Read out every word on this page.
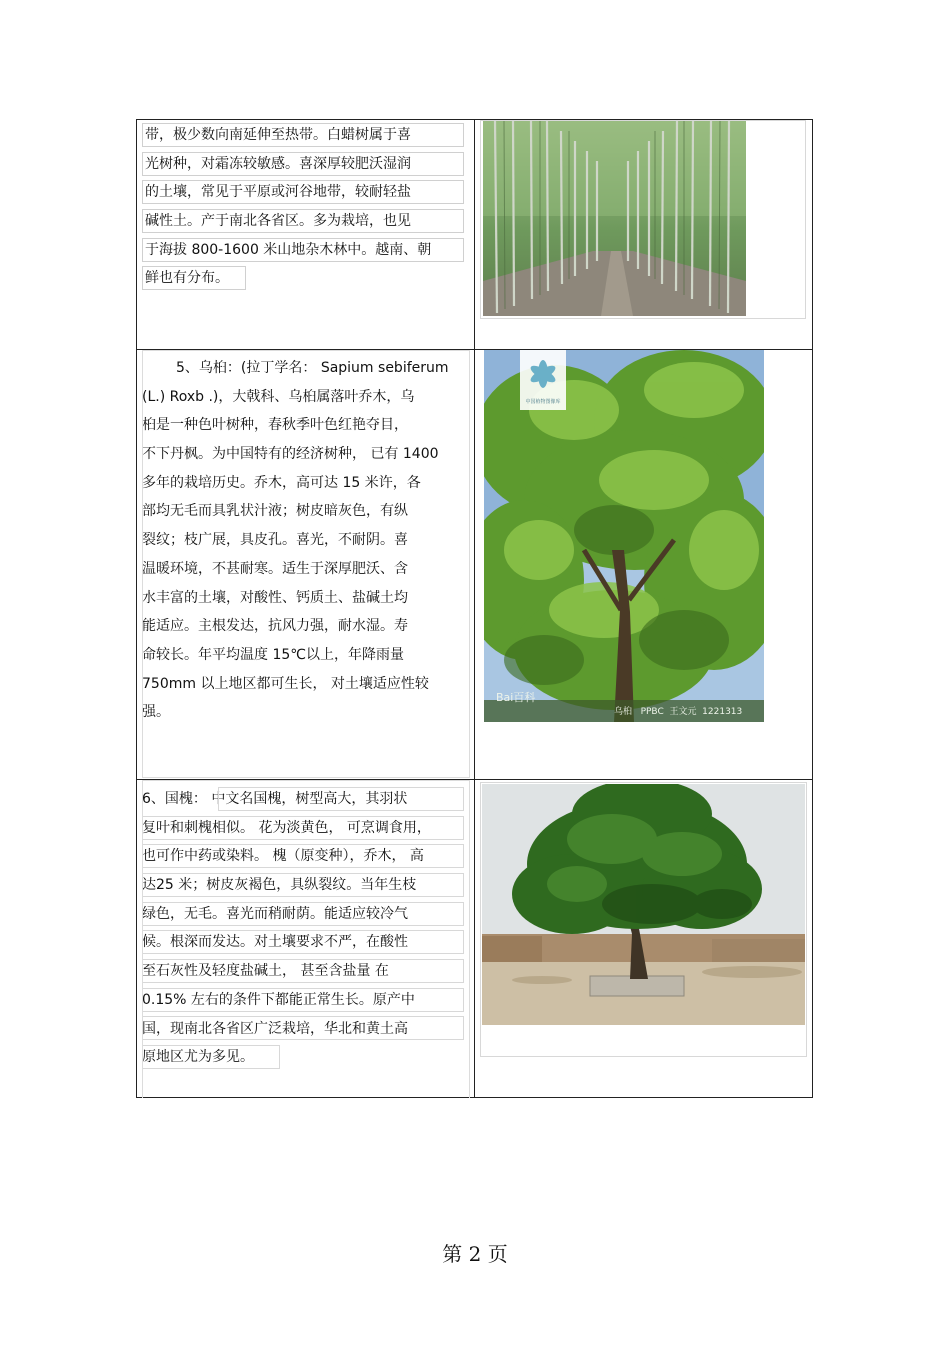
带，极少数向南延伸至热带。白蜡树属于喜
光树种，对霜冻较敏感。喜深厚较肥沃湿润
的土壤，常见于平原或河谷地带，较耐轻盐
碱性土。产于南北各省区。多为栽培，也见
于海拔 800-1600 米山地杂木林中。越南、朝
鲜也有分布。
5、乌桕：(拉丁学名： Sapium sebiferum
(L.) Roxb .)，大戟科、乌桕属落叶乔木，乌
桕是一种色叶树种，春秋季叶色红艳夺目，
不下丹枫。为中国特有的经济树种， 已有 1400
多年的栽培历史。乔木，高可达 15 米许，各
部均无毛而具乳状汁液；树皮暗灰色，有纵
裂纹；枝广展，具皮孔。喜光，不耐阴。喜
温暖环境，不甚耐寒。适生于深厚肥沃、含
水丰富的土壤，对酸性、钙质土、盐碱土均
能适应。主根发达，抗风力强，耐水湿。寿
命较长。年平均温度 15℃以上，年降雨量
750mm 以上地区都可生长， 对土壤适应性较
强。
中国植物图像库
Bai百科
乌桕   PPBC  王文元  1221313
6、国槐： 中文名国槐，树型高大，其羽状
复叶和刺槐相似。 花为淡黄色， 可烹调食用，
也可作中药或染料。 槐（原变种），乔木， 高
达25 米；树皮灰褐色，具纵裂纹。当年生枝
绿色，无毛。喜光而稍耐荫。能适应较冷气
候。根深而发达。对土壤要求不严，在酸性
至石灰性及轻度盐碱土， 甚至含盐量 在
0.15% 左右的条件下都能正常生长。原产中
国，现南北各省区广泛栽培，华北和黄土高
原地区尤为多见。
第 2 页
